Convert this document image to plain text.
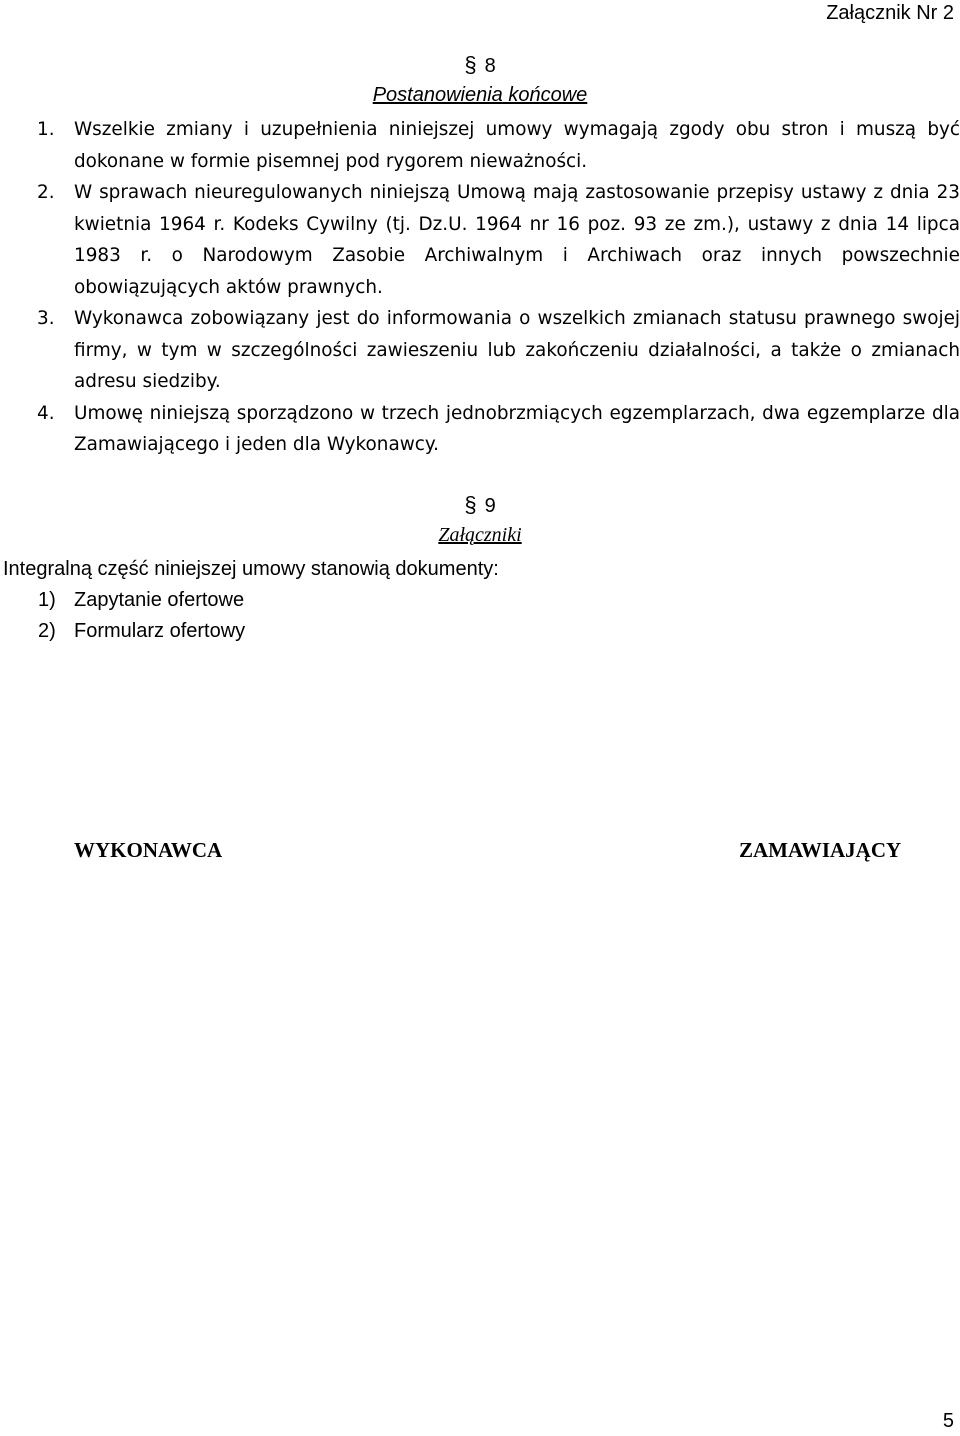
Załącznik Nr 2
§ 8
Postanowienia końcowe
1. Wszelkie zmiany i uzupełnienia niniejszej umowy wymagają zgody obu stron i muszą być dokonane w formie pisemnej pod rygorem nieważności.
2. W sprawach nieuregulowanych niniejszą Umową mają zastosowanie przepisy ustawy z dnia 23 kwietnia 1964 r. Kodeks Cywilny (tj. Dz.U. 1964 nr 16 poz. 93 ze zm.), ustawy z dnia 14 lipca 1983 r. o Narodowym Zasobie Archiwalnym i Archiwach oraz innych powszechnie obowiązujących aktów prawnych.
3. Wykonawca zobowiązany jest do informowania o wszelkich zmianach statusu prawnego swojej firmy, w tym w szczególności zawieszeniu lub zakończeniu działalności, a także o zmianach adresu siedziby.
4. Umowę niniejszą sporządzono w trzech jednobrzmiących egzemplarzach, dwa egzemplarze dla Zamawiającego i jeden dla Wykonawcy.
§ 9
Załączniki
Integralną część niniejszej umowy stanowią dokumenty:
1) Zapytanie ofertowe
2) Formularz ofertowy
WYKONAWCA	ZAMAWIAJĄCY
5
